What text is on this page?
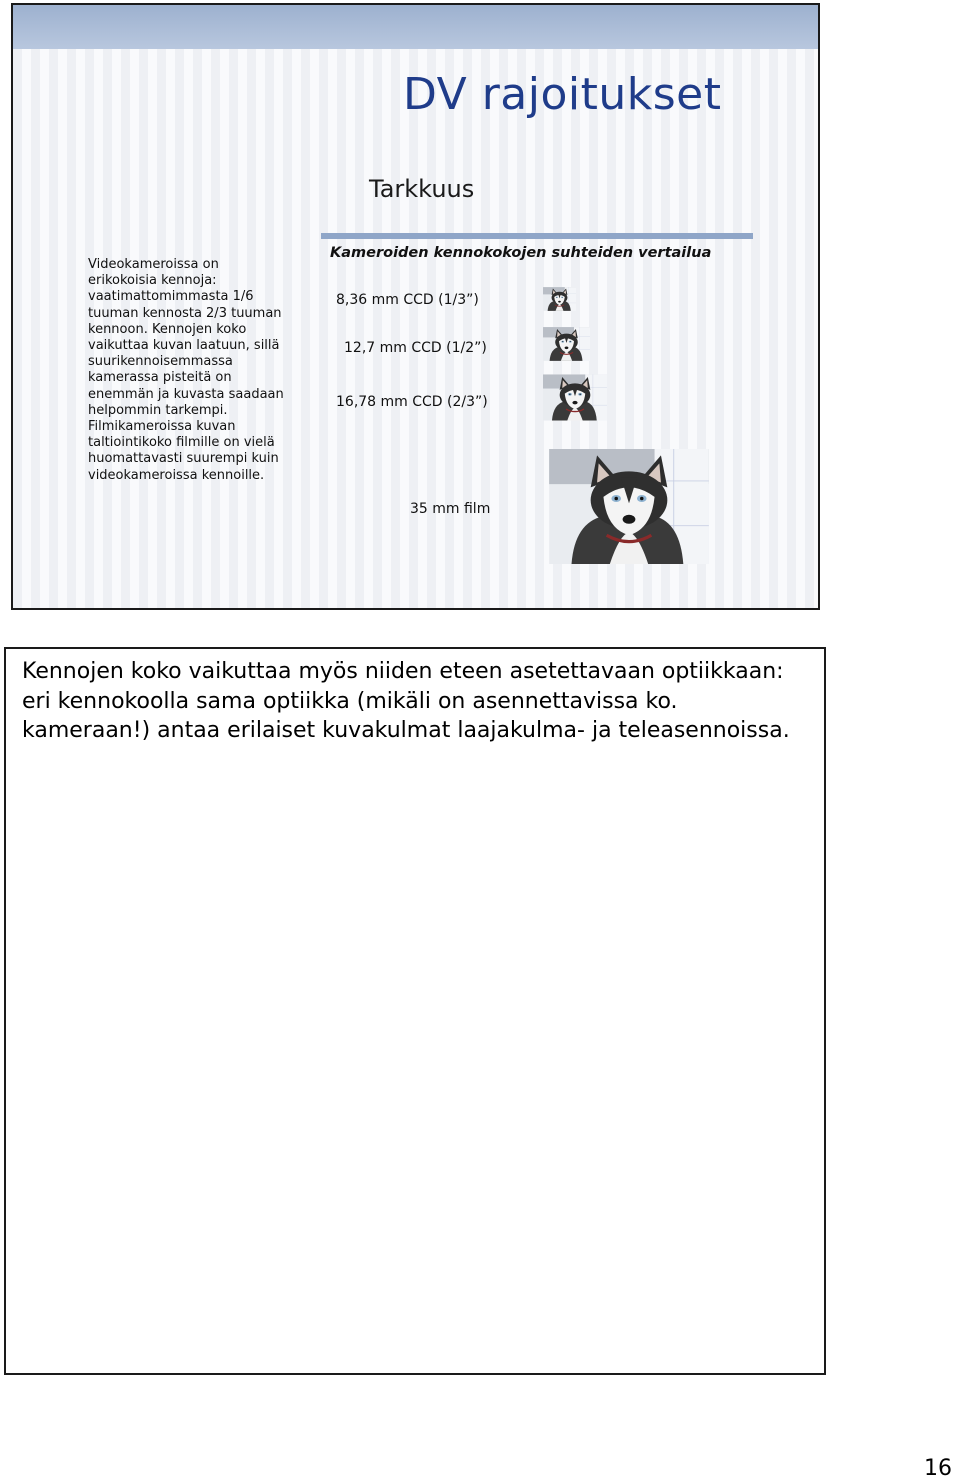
DV rajoitukset
Tarkkuus

Videokameroissa on erikokoisia kennoja: vaatimattomimmasta 1/6 tuuman kennosta 2/3 tuuman kennoon. Kennojen koko vaikuttaa kuvan laatuun, sillä suurikennoisemmassa kamerassa pisteitä on enemmän ja kuvasta saadaan helpommin tarkempi. Filmikameroissa kuvan taltiointikoko filmille on vielä huomattavasti suurempi kuin videokameroissa kennoille.

Kameroiden kennokokojen suhteiden vertailua
8,36 mm CCD (1/3”)
12,7 mm CCD (1/2”)
16,78 mm CCD (2/3”)
35 mm film

Kennojen koko vaikuttaa myös niiden eteen asetettavaan optiikkaan: eri kennokoolla sama optiikka (mikäli on asennettavissa ko. kameraan!) antaa erilaiset kuvakulmat laajakulma- ja teleasennoissa.

16
